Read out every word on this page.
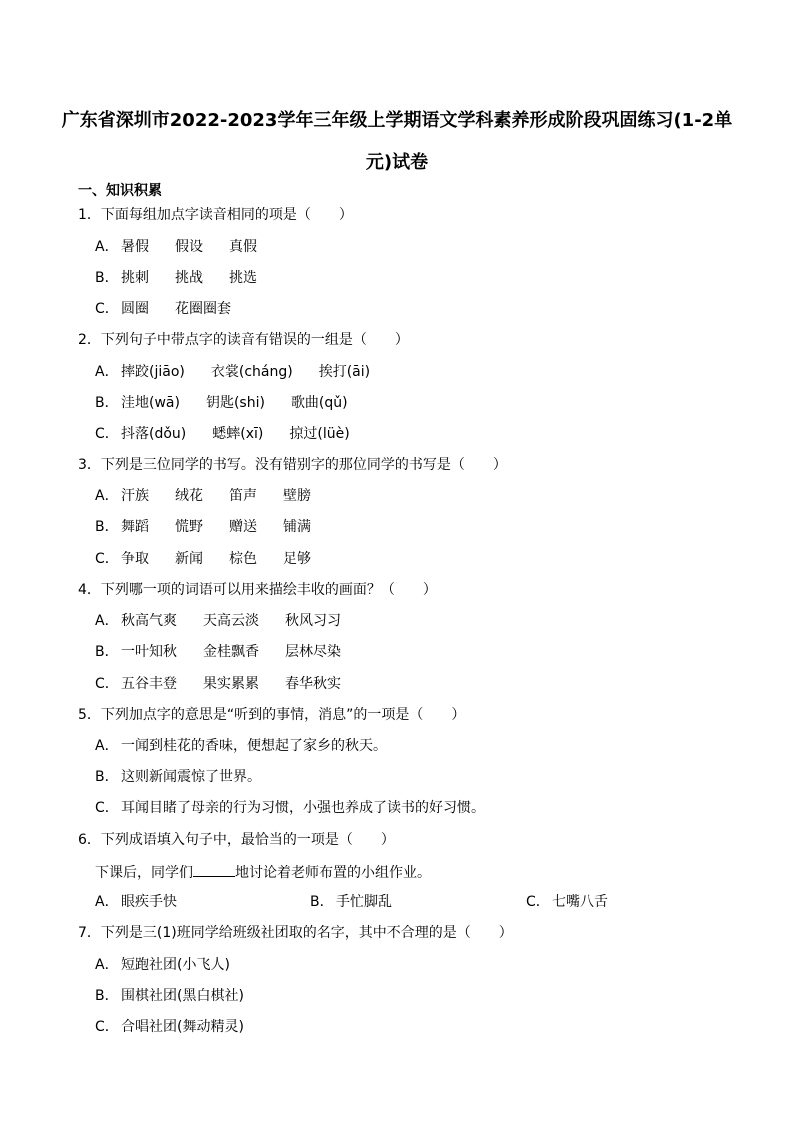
广东省深圳市2022-2023学年三年级上学期语文学科素养形成阶段巩固练习(1-2单元)试卷
一、知识积累
1．下面每组加点字读音相同的项是（　　）
A． 暑假 假设 真假
B． 挑刺 挑战 挑选
C． 圆圈 花圈圈套
2．下列句子中带点字的读音有错误的一组是（　　）
A． 摔跤(jiāo) 衣裳(cháng) 挨打(āi)
B． 洼地(wā) 钥匙(shi) 歌曲(qǔ)
C． 抖落(dǒu) 蟋蟀(xī) 掠过(lüè)
3．下列是三位同学的书写。没有错别字的那位同学的书写是（　　）
A． 汗族 绒花 笛声 壁膀
B． 舞蹈 慌野 赠送 铺满
C． 争取 新闻 棕色 足够
4．下列哪一项的词语可以用来描绘丰收的画面？（　　）
A． 秋高气爽 天高云淡 秋风习习
B． 一叶知秋 金桂飘香 层林尽染
C． 五谷丰登 果实累累 春华秋实
5．下列加点字的意思是“听到的事情，消息”的一项是（　　）
A． 一闻到桂花的香味，便想起了家乡的秋天。
B． 这则新闻震惊了世界。
C． 耳闻目睹了母亲的行为习惯，小强也养成了读书的好习惯。
6．下列成语填入句子中，最恰当的一项是（　　）
下课后，同学们	地讨论着老师布置的小组作业。
A． 眼疾手快	B． 手忙脚乱	C． 七嘴八舌
7．下列是三(1)班同学给班级社团取的名字，其中不合理的是（　　）
A． 短跑社团(小飞人)
B． 围棋社团(黑白棋社)
C． 合唱社团(舞动精灵)
